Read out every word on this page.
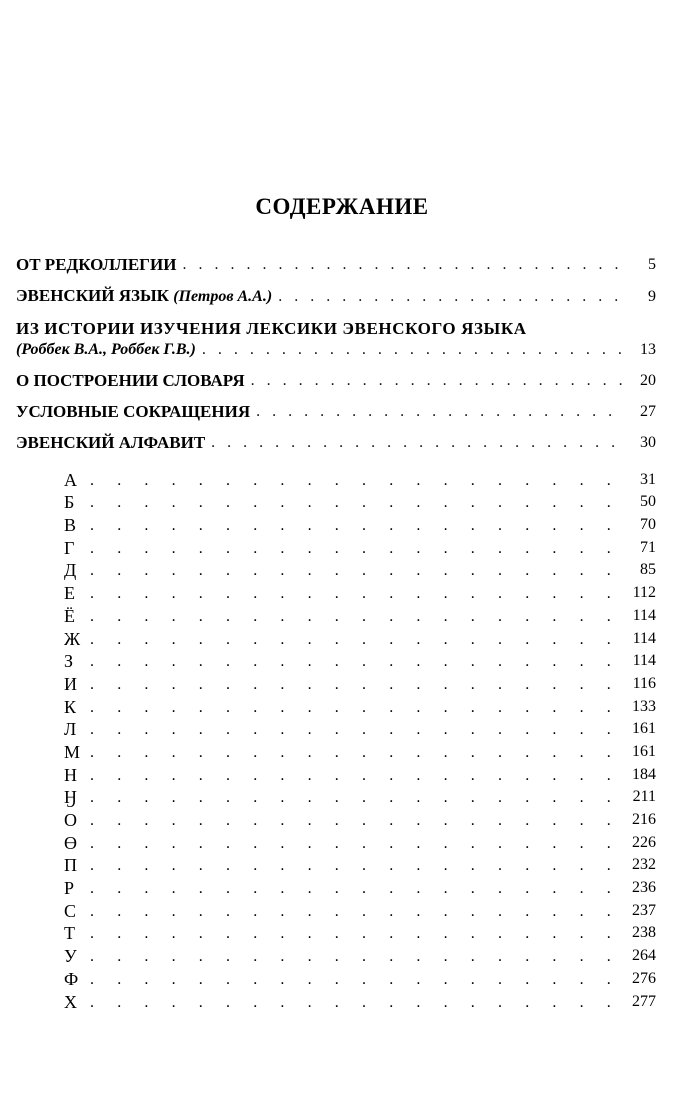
СОДЕРЖАНИЕ
ОТ РЕДКОЛЛЕГИИ . . .	5
ЭВЕНСКИЙ ЯЗЫК (Петров А.А.) . . .	9
ИЗ ИСТОРИИ ИЗУЧЕНИЯ ЛЕКСИКИ ЭВЕНСКОГО ЯЗЫКА
(Роббек В.А., Роббек Г.В.) . . .	13
О ПОСТРОЕНИИ СЛОВАРЯ . . .	20
УСЛОВНЫЕ СОКРАЩЕНИЯ . . .	27
ЭВЕНСКИЙ АЛФАВИТ . . .	30
А . . .	31
Б . . .	50
В . . .	70
Г . . .	71
Д . . .	85
Е . . .	112
Ё . . .	114
Ж . . .	114
З . . .	114
И . . .	116
К . . .	133
Л . . .	161
М . . .	161
Н . . .	184
Ӈ . . .	211
О . . .	216
Ө . . .	226
П . . .	232
Р . . .	236
С . . .	237
Т . . .	238
У . . .	264
Ф . . .	276
Х . . .	277
